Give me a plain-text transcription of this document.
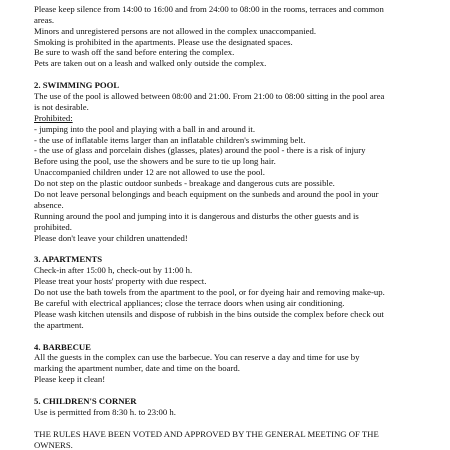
Please keep silence from 14:00 to 16:00 and from 24:00 to 08:00 in the rooms, terraces and common
areas.
Minors and unregistered persons are not allowed in the complex unaccompanied.
Smoking is prohibited in the apartments. Please use the designated spaces.
Be sure to wash off the sand before entering the complex.
Pets are taken out on a leash and walked only outside the complex.
2. SWIMMING POOL
The use of the pool is allowed between 08:00 and 21:00. From 21:00 to 08:00 sitting in the pool area
is not desirable.
Prohibited:
- jumping into the pool and playing with a ball in and around it.
- the use of inflatable items larger than an inflatable children's swimming belt.
- the use of glass and porcelain dishes (glasses, plates) around the pool - there is a risk of injury
Before using the pool, use the showers and be sure to tie up long hair.
Unaccompanied children under 12 are not allowed to use the pool.
Do not step on the plastic outdoor sunbeds - breakage and dangerous cuts are possible.
Do not leave personal belongings and beach equipment on the sunbeds and around the pool in your
absence.
Running around the pool and jumping into it is dangerous and disturbs the other guests and is
prohibited.
Please don't leave your children unattended!
3. APARTMENTS
Check-in after 15:00 h, check-out by 11:00 h.
Please treat your hosts' property with due respect.
Do not use the bath towels from the apartment to the pool, or for dyeing hair and removing make-up.
Be careful with electrical appliances; close the terrace doors when using air conditioning.
Please wash kitchen utensils and dispose of rubbish in the bins outside the complex before check out
the apartment.
4. BARBECUE
All the guests in the complex can use the barbecue. You can reserve a day and time for use by
marking the apartment number, date and time on the board.
Please keep it clean!
5. CHILDREN'S CORNER
Use is permitted from 8:30 h. to 23:00 h.
THE RULES HAVE BEEN VOTED AND APPROVED BY THE GENERAL MEETING OF THE
OWNERS.
